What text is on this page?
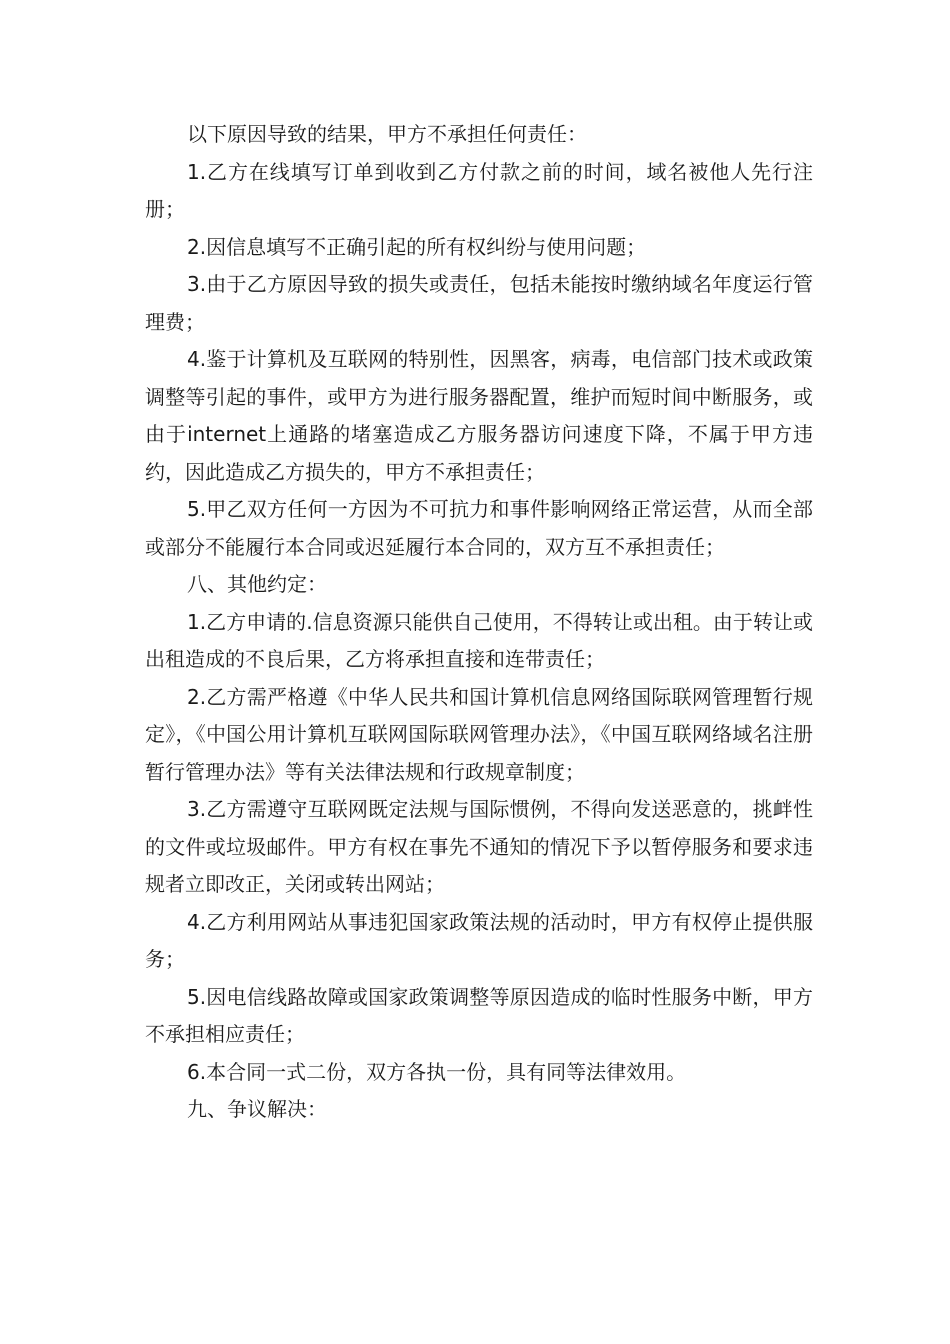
以下原因导致的结果，甲方不承担任何责任：

1.乙方在线填写订单到收到乙方付款之前的时间，域名被他人先行注册；

2.因信息填写不正确引起的所有权纠纷与使用问题；

3.由于乙方原因导致的损失或责任，包括未能按时缴纳域名年度运行管理费；

4.鉴于计算机及互联网的特别性，因黑客，病毒，电信部门技术或政策调整等引起的事件，或甲方为进行服务器配置，维护而短时间中断服务，或由于internet上通路的堵塞造成乙方服务器访问速度下降，不属于甲方违约，因此造成乙方损失的，甲方不承担责任；

5.甲乙双方任何一方因为不可抗力和事件影响网络正常运营，从而全部或部分不能履行本合同或迟延履行本合同的，双方互不承担责任；

八、其他约定：

1.乙方申请的.信息资源只能供自己使用，不得转让或出租。由于转让或出租造成的不良后果，乙方将承担直接和连带责任；

2.乙方需严格遵《中华人民共和国计算机信息网络国际联网管理暂行规定》，《中国公用计算机互联网国际联网管理办法》，《中国互联网络域名注册暂行管理办法》等有关法律法规和行政规章制度；

3.乙方需遵守互联网既定法规与国际惯例，不得向发送恶意的，挑衅性的文件或垃圾邮件。甲方有权在事先不通知的情况下予以暂停服务和要求违规者立即改正，关闭或转出网站；

4.乙方利用网站从事违犯国家政策法规的活动时，甲方有权停止提供服务；

5.因电信线路故障或国家政策调整等原因造成的临时性服务中断，甲方不承担相应责任；

6.本合同一式二份，双方各执一份，具有同等法律效用。

九、争议解决：
